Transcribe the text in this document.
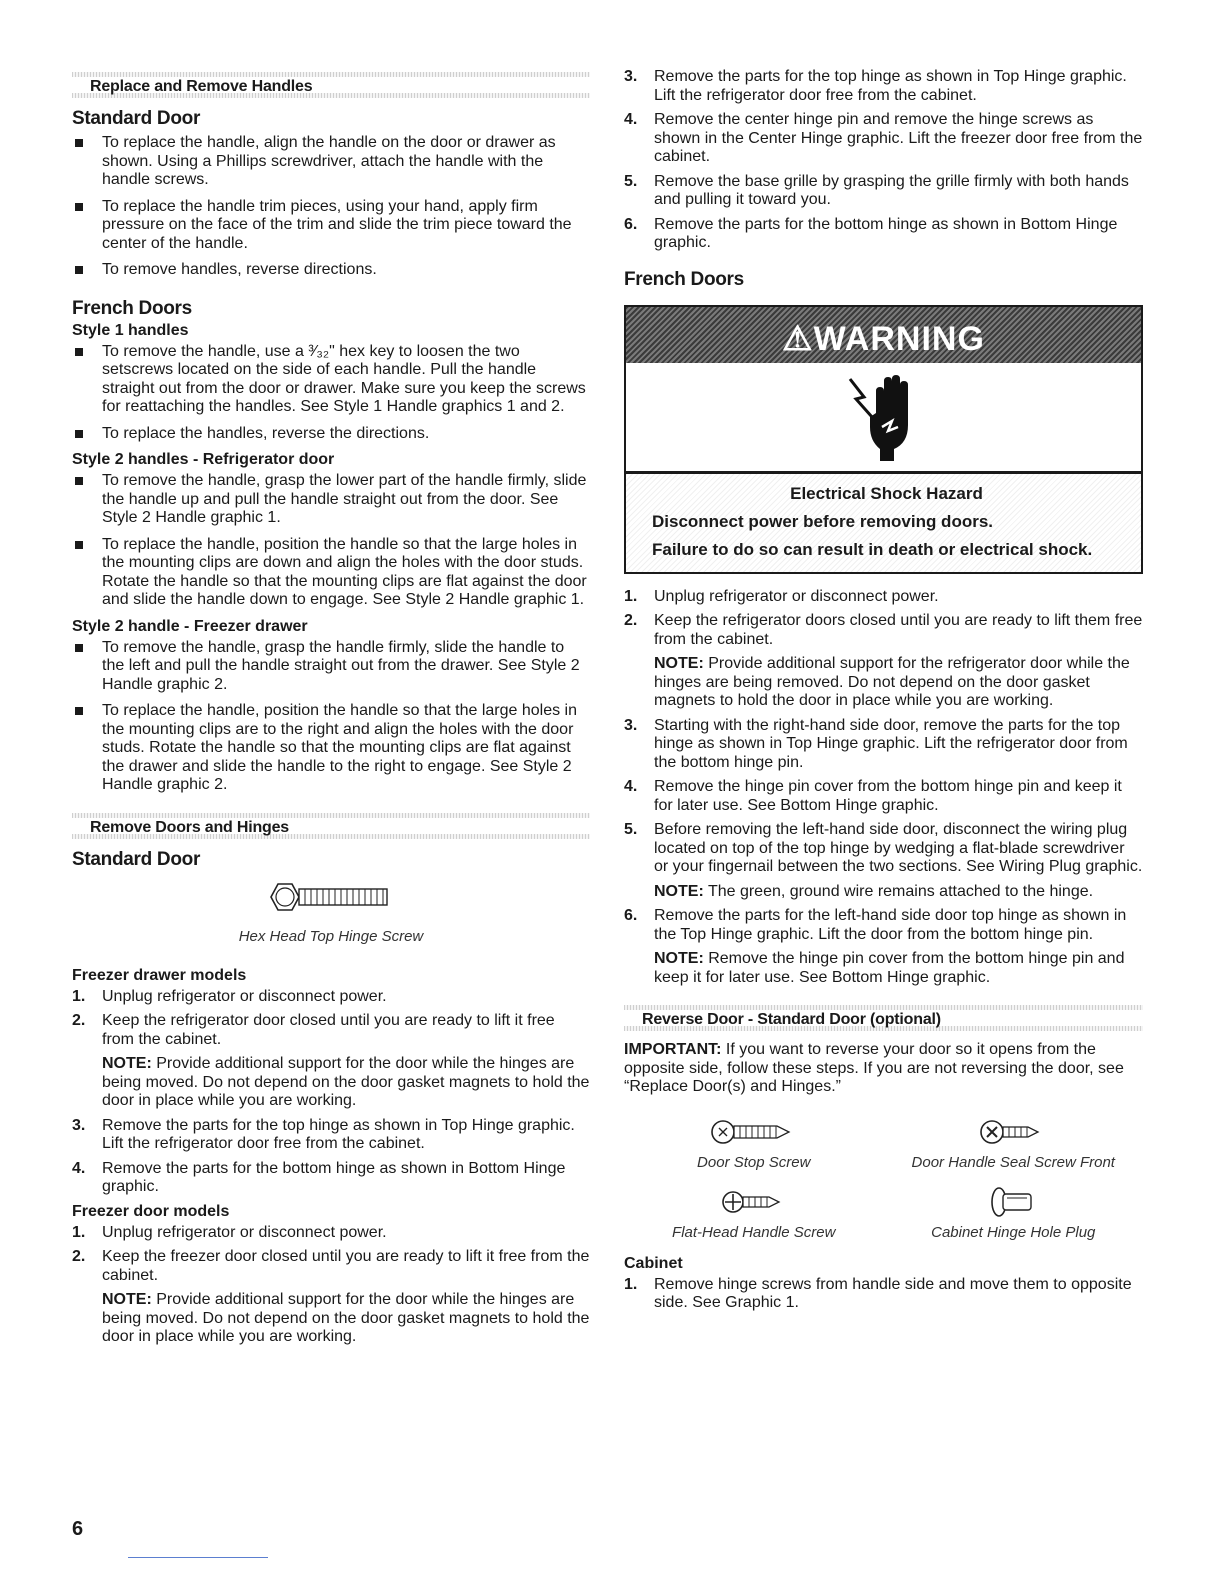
Replace and Remove Handles
Standard Door
To replace the handle, align the handle on the door or drawer as shown. Using a Phillips screwdriver, attach the handle with the handle screws.
To replace the handle trim pieces, using your hand, apply firm pressure on the face of the trim and slide the trim piece toward the center of the handle.
To remove handles, reverse directions.
French Doors
Style 1 handles
To remove the handle, use a ³⁄₃₂" hex key to loosen the two setscrews located on the side of each handle. Pull the handle straight out from the door or drawer. Make sure you keep the screws for reattaching the handles. See Style 1 Handle graphics 1 and 2.
To replace the handles, reverse the directions.
Style 2 handles - Refrigerator door
To remove the handle, grasp the lower part of the handle firmly, slide the handle up and pull the handle straight out from the door. See Style 2 Handle graphic 1.
To replace the handle, position the handle so that the large holes in the mounting clips are down and align the holes with the door studs. Rotate the handle so that the mounting clips are flat against the door and slide the handle down to engage. See Style 2 Handle graphic 1.
Style 2 handle - Freezer drawer
To remove the handle, grasp the handle firmly, slide the handle to the left and pull the handle straight out from the drawer. See Style 2 Handle graphic 2.
To replace the handle, position the handle so that the large holes in the mounting clips are to the right and align the holes with the door studs. Rotate the handle so that the mounting clips are flat against the drawer and slide the handle to the right to engage. See Style 2 Handle graphic 2.
Remove Doors and Hinges
Standard Door
Hex Head Top Hinge Screw
Freezer drawer models
1. Unplug refrigerator or disconnect power.
2. Keep the refrigerator door closed until you are ready to lift it free from the cabinet.

NOTE: Provide additional support for the door while the hinges are being moved. Do not depend on the door gasket magnets to hold the door in place while you are working.

3. Remove the parts for the top hinge as shown in Top Hinge graphic. Lift the refrigerator door free from the cabinet.
4. Remove the parts for the bottom hinge as shown in Bottom Hinge graphic.
Freezer door models
1. Unplug refrigerator or disconnect power.
2. Keep the freezer door closed until you are ready to lift it free from the cabinet.

NOTE: Provide additional support for the door while the hinges are being moved. Do not depend on the door gasket magnets to hold the door in place while you are working.

3. Remove the parts for the top hinge as shown in Top Hinge graphic. Lift the refrigerator door free from the cabinet.
4. Remove the center hinge pin and remove the hinge screws as shown in the Center Hinge graphic. Lift the freezer door free from the cabinet.
5. Remove the base grille by grasping the grille firmly with both hands and pulling it toward you.
6. Remove the parts for the bottom hinge as shown in Bottom Hinge graphic.
French Doors
⚠WARNING

Electrical Shock Hazard

Disconnect power before removing doors.

Failure to do so can result in death or electrical shock.

1. Unplug refrigerator or disconnect power.
2. Keep the refrigerator doors closed until you are ready to lift them free from the cabinet.

NOTE: Provide additional support for the refrigerator door while the hinges are being removed. Do not depend on the door gasket magnets to hold the door in place while you are working.

3. Starting with the right-hand side door, remove the parts for the top hinge as shown in Top Hinge graphic. Lift the refrigerator door from the bottom hinge pin.
4. Remove the hinge pin cover from the bottom hinge pin and keep it for later use. See Bottom Hinge graphic.
5. Before removing the left-hand side door, disconnect the wiring plug located on top of the top hinge by wedging a flat-blade screwdriver or your fingernail between the two sections. See Wiring Plug graphic.

NOTE: The green, ground wire remains attached to the hinge.

6. Remove the parts for the left-hand side door top hinge as shown in the Top Hinge graphic. Lift the door from the bottom hinge pin.

NOTE: Remove the hinge pin cover from the bottom hinge pin and keep it for later use. See Bottom Hinge graphic.

Reverse Door - Standard Door (optional)

IMPORTANT: If you want to reverse your door so it opens from the opposite side, follow these steps. If you are not reversing the door, see “Replace Door(s) and Hinges.”

Door Stop Screw	Door Handle Seal Screw Front
Flat-Head Handle Screw	Cabinet Hinge Hole Plug
Cabinet
1. Remove hinge screws from handle side and move them to opposite side. See Graphic 1.
6
